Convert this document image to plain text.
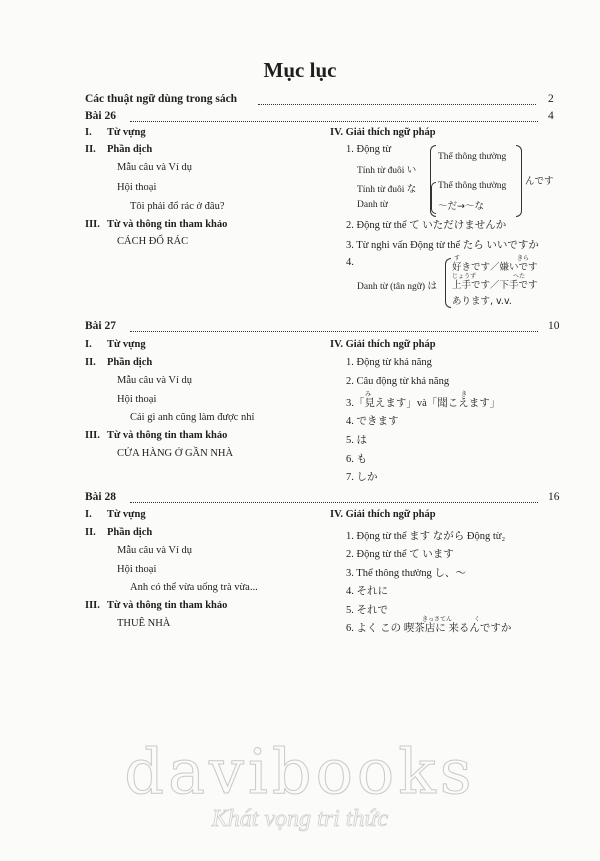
Mục lục
Các thuật ngữ dùng trong sách	2
Bài 26	4
I. Từ vựng
II. Phần dịch
Mẫu câu và Ví dụ
Hội thoại
Tôi phải đổ rác ở đâu?
III. Từ và thông tin tham khảo
CÁCH ĐỔ RÁC
IV. Giải thích ngữ pháp
1. Động từ
Tính từ đuôi い
Tính từ đuôi な
Danh từ
Thể thông thường
Thể thông thường
～だ→～な
んです
2. Động từ thể て いただけませんか
3. Từ nghi vấn Động từ thể たら いいですか
4.
Danh từ (tân ngữ) は
す	きら
好きです／嫌いです
じょうず	へた
上手です／下手です
あります, v.v.
Bài 27	10
I. Từ vựng
II. Phần dịch
Mẫu câu và Ví dụ
Hội thoại
Cái gì anh cũng làm được nhỉ
III. Từ và thông tin tham khảo
CỬA HÀNG Ở GẦN NHÀ
IV. Giải thích ngữ pháp
1. Động từ khả năng
2. Câu động từ khả năng
み	き
3.「見えます」và「聞こえます」
4. できます
5. は
6. も
7. しか
Bài 28	16
I. Từ vựng
II. Phần dịch
Mẫu câu và Ví dụ
Hội thoại
Anh có thể vừa uống trà vừa...
III. Từ và thông tin tham khảo
THUÊ NHÀ
IV. Giải thích ngữ pháp
1. Động từ thể ます ながら Động từ₂
2. Động từ thể て います
3. Thể thông thường し、～
4. それに
5. それで
きっさてん	く
6. よく この 喫茶店に 来るんですか
davibooks
Khát vọng tri thức
